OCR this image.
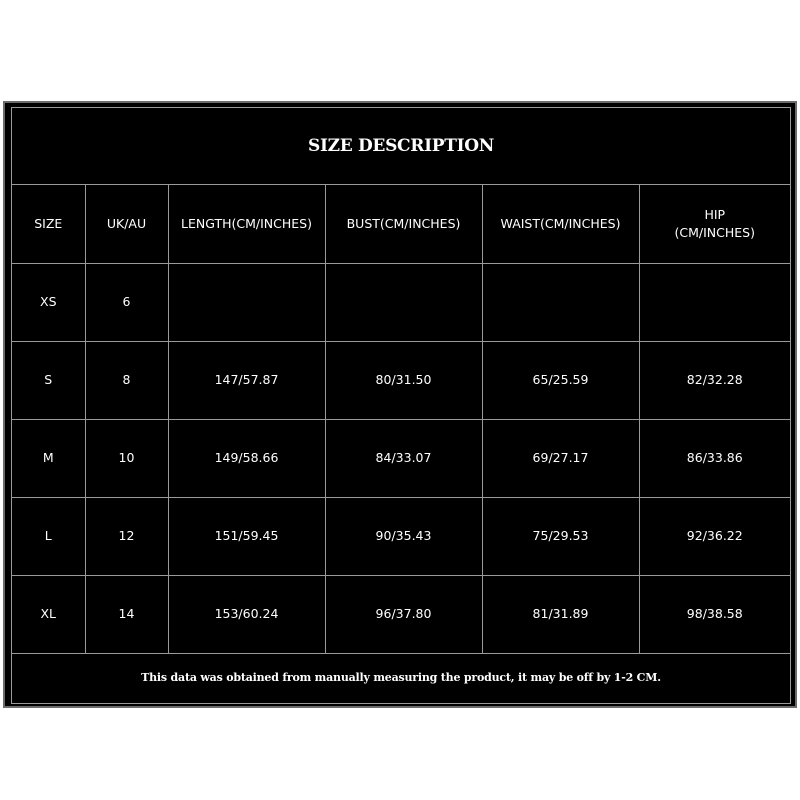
SIZE DESCRIPTION
SIZE	UK/AU	LENGTH(CM/INCHES)	BUST(CM/INCHES)	WAIST(CM/INCHES)	HIP
(CM/INCHES)
XS	6				
S	8	147/57.87	80/31.50	65/25.59	82/32.28
M	10	149/58.66	84/33.07	69/27.17	86/33.86
L	12	151/59.45	90/35.43	75/29.53	92/36.22
XL	14	153/60.24	96/37.80	81/31.89	98/38.58
This data was obtained from manually measuring the product, it may be off by 1-2 CM.
